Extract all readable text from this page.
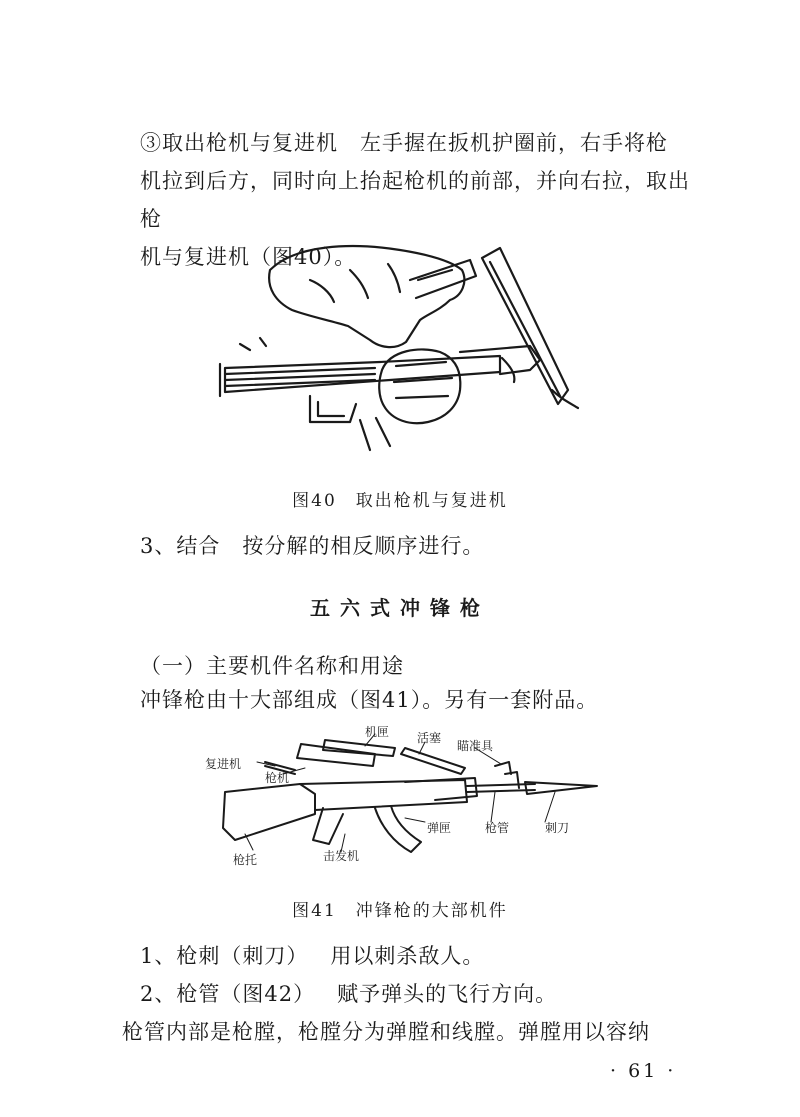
③取出枪机与复进机 左手握在扳机护圈前，右手将枪
机拉到后方，同时向上抬起枪机的前部，并向右拉，取出枪
机与复进机（图40）。
图40　取出枪机与复进机
3、结合 按分解的相反顺序进行。
五六式冲锋枪
（一）主要机件名称和用途
冲锋枪由十大部组成（图41）。另有一套附品。
复进机
枪机
机匣 活塞
瞄准具
弹匣	枪管	刺刀
枪托	击发机
图41　冲锋枪的大部机件
1、枪刺（刺刀） 用以刺杀敌人。
2、枪管（图42） 赋予弹头的飞行方向。
枪管内部是枪膛，枪膛分为弹膛和线膛。弹膛用以容纳
· 61 ·
